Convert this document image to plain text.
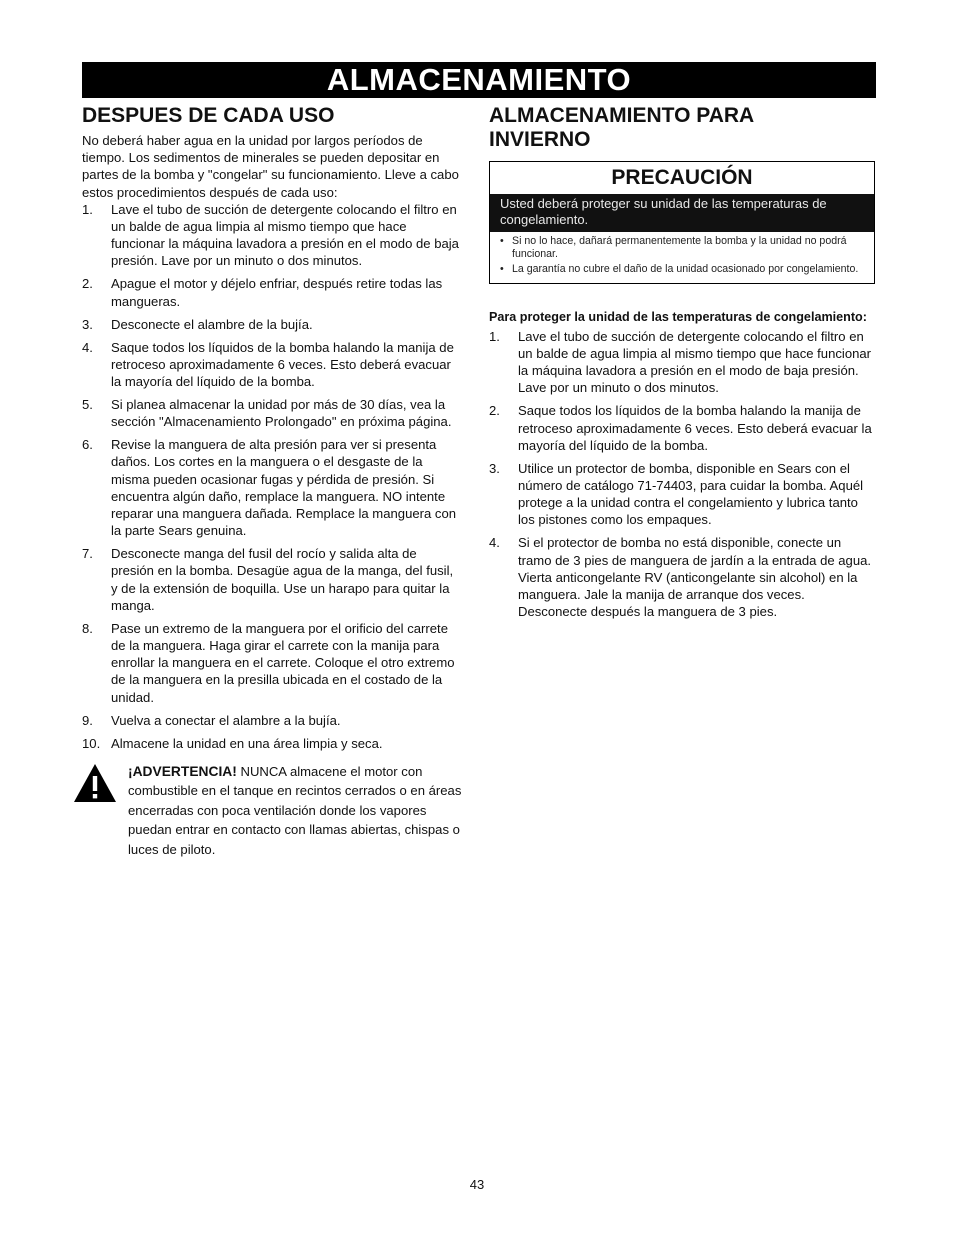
ALMACENAMIENTO
DESPUES DE CADA USO

No deberá haber agua en la unidad por largos períodos de tiempo. Los sedimentos de minerales se pueden depositar en partes de la bomba y "congelar" su funcionamiento. Lleve a cabo estos procedimientos después de cada uso:

1. Lave el tubo de succión de detergente colocando el filtro en un balde de agua limpia al mismo tiempo que hace funcionar la máquina lavadora a presión en el modo de baja presión. Lave por un minuto o dos minutos.
2. Apague el motor y déjelo enfriar, después retire todas las mangueras.
3. Desconecte el alambre de la bujía.
4. Saque todos los líquidos de la bomba halando la manija de retroceso aproximadamente 6 veces. Esto deberá evacuar la mayoría del líquido de la bomba.
5. Si planea almacenar la unidad por más de 30 días, vea la sección "Almacenamiento Prolongado" en próxima página.
6. Revise la manguera de alta presión para ver si presenta daños. Los cortes en la manguera o el desgaste de la misma pueden ocasionar fugas y pérdida de presión. Si encuentra algún daño, remplace la manguera. NO intente reparar una manguera dañada. Remplace la manguera con la parte Sears genuina.
7. Desconecte manga del fusil del rocío y salida alta de presión en la bomba. Desagüe agua de la manga, del fusil, y de la extensión de boquilla. Use un harapo para quitar la manga.
8. Pase un extremo de la manguera por el orificio del carrete de la manguera. Haga girar el carrete con la manija para enrollar la manguera en el carrete. Coloque el otro extremo de la manguera en la presilla ubicada en el costado de la unidad.
9. Vuelva a conectar el alambre a la bujía.
10. Almacene la unidad en una área limpia y seca.
¡ADVERTENCIA! NUNCA almacene el motor con combustible en el tanque en recintos cerrados o en áreas encerradas con poca ventilación donde los vapores puedan entrar en contacto con llamas abiertas, chispas o luces de piloto.
ALMACENAMIENTO PARA
INVIERNO
PRECAUCIÓN
Usted deberá proteger su unidad de las temperaturas de congelamiento.
• Si no lo hace, dañará permanentemente la bomba y la unidad no podrá funcionar.
• La garantía no cubre el daño de la unidad ocasionado por congelamiento.

Para proteger la unidad de las temperaturas de congelamiento:

1. Lave el tubo de succión de detergente colocando el filtro en un balde de agua limpia al mismo tiempo que hace funcionar la máquina lavadora a presión en el modo de baja presión. Lave por un minuto o dos minutos.
2. Saque todos los líquidos de la bomba halando la manija de retroceso aproximadamente 6 veces. Esto deberá evacuar la mayoría del líquido de la bomba.
3. Utilice un protector de bomba, disponible en Sears con el número de catálogo 71-74403, para cuidar la bomba. Aquél protege a la unidad contra el congelamiento y lubrica tanto los pistones como los empaques.
4. Si el protector de bomba no está disponible, conecte un tramo de 3 pies de manguera de jardín a la entrada de agua. Vierta anticongelante RV (anticongelante sin alcohol) en la manguera. Jale la manija de arranque dos veces. Desconecte después la manguera de 3 pies.
43
